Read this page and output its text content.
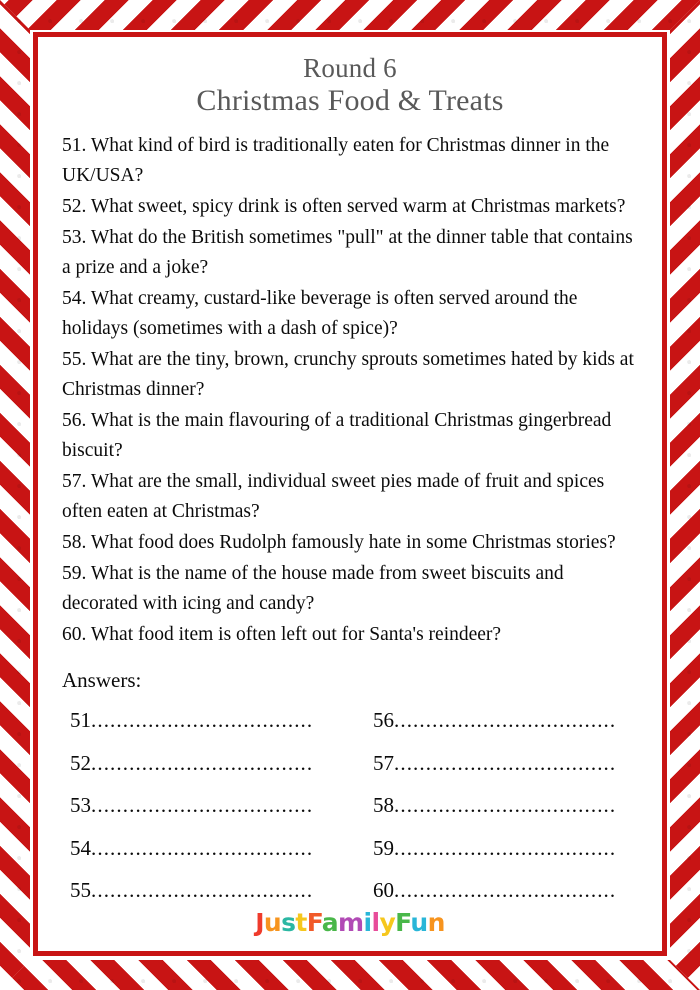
Round 6
Christmas Food & Treats

51. What kind of bird is traditionally eaten for Christmas dinner in the UK/USA?

52. What sweet, spicy drink is often served warm at Christmas markets?

53. What do the British sometimes "pull" at the dinner table that contains a prize and a joke?

54. What creamy, custard-like beverage is often served around the holidays (sometimes with a dash of spice)?

55. What are the tiny, brown, crunchy sprouts sometimes hated by kids at Christmas dinner?

56. What is the main flavouring of a traditional Christmas gingerbread biscuit?

57. What are the small, individual sweet pies made of fruit and spices often eaten at Christmas?

58. What food does Rudolph famously hate in some Christmas stories?

59. What is the name of the house made from sweet biscuits and decorated with icing and candy?

60. What food item is often left out for Santa's reindeer?

Answers:
51 ...................................	56 ...................................
52 ...................................	57 ...................................
53 ...................................	58 ...................................
54 ...................................	59 ...................................
55 ...................................	60 ...................................
JustFamilyFun
